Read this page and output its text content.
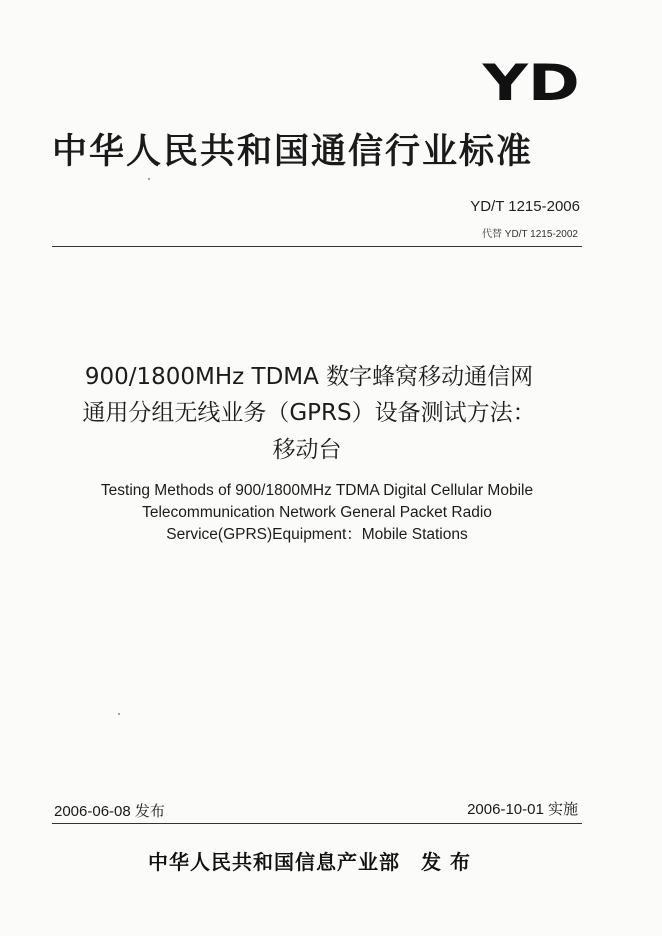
YD
中华人民共和国通信行业标准
YD/T 1215-2006
代替 YD/T 1215-2002
900/1800MHz TDMA 数字蜂窝移动通信网
通用分组无线业务（GPRS）设备测试方法：
移动台
Testing Methods of 900/1800MHz TDMA Digital Cellular Mobile
Telecommunication Network General Packet Radio
Service(GPRS)Equipment：Mobile Stations
2006-06-08 发布	2006-10-01 实施
中华人民共和国信息产业部　发 布
